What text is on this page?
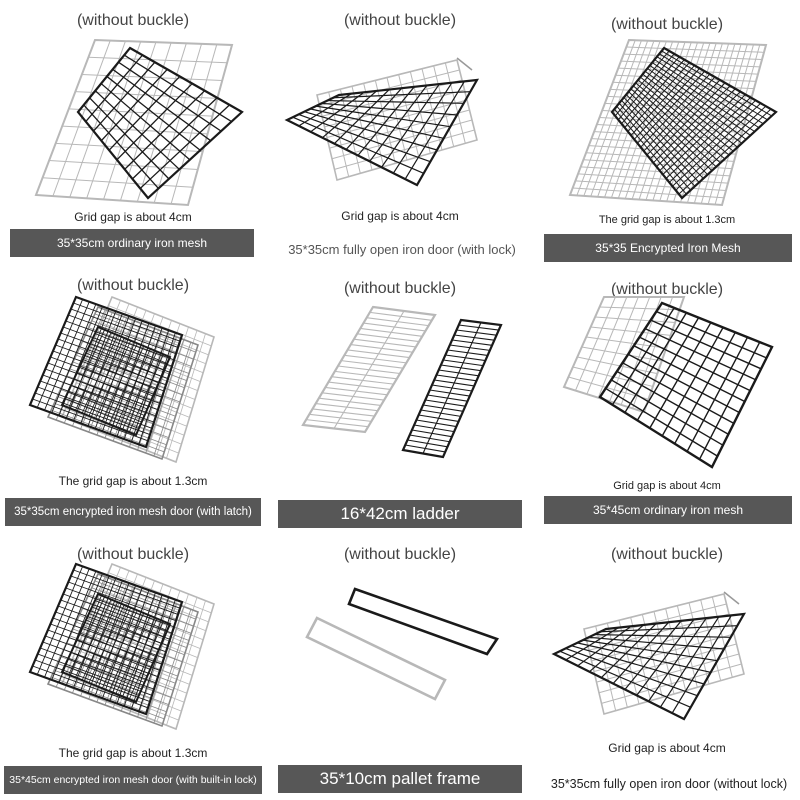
(without buckle)
Grid gap is about 4cm
35*35cm ordinary iron mesh
(without buckle)
Grid gap is about 4cm
35*35cm fully open iron door (with lock)
(without buckle)
The grid gap is about 1.3cm
35*35 Encrypted Iron Mesh
(without buckle)
The grid gap is about 1.3cm
35*35cm encrypted iron mesh door (with latch)
(without buckle)
16*42cm ladder
(without buckle)
Grid gap is about 4cm
35*45cm ordinary iron mesh
(without buckle)
The grid gap is about 1.3cm
35*45cm encrypted iron mesh door (with built-in lock)
(without buckle)
35*10cm pallet frame
(without buckle)
Grid gap is about 4cm
35*35cm fully open iron door (without lock)
